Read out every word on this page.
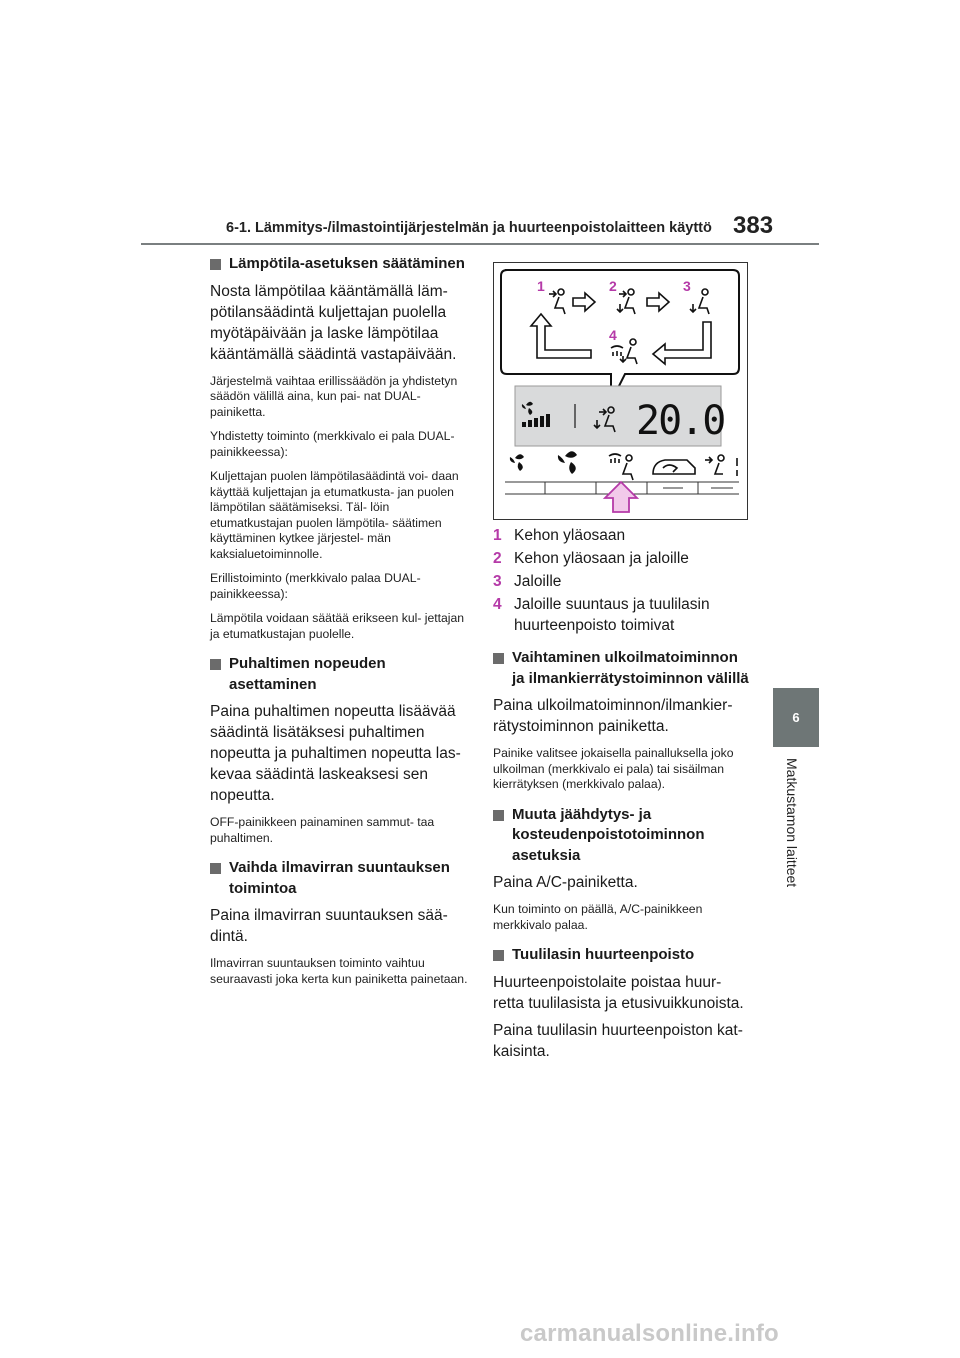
6-1. Lämmitys-/ilmastointijärjestelmän ja huurteenpoistolaitteen käyttö 383
6
Matkustamon laitteet
Lämpötila-asetuksen säätäminen

Nosta lämpötilaa kääntämällä läm- pötilansäädintä kuljettajan puolella myötäpäivään ja laske lämpötilaa kääntämällä säädintä vastapäivään.

Järjestelmä vaihtaa erillissäädön ja yhdistetyn säädön välillä aina, kun pai- nat DUAL-painiketta.

Yhdistetty toiminto (merkkivalo ei pala DUAL-painikkeessa):

Kuljettajan puolen lämpötilasäädintä voi- daan käyttää kuljettajan ja etumatkusta- jan puolen lämpötilan säätämiseksi. Täl- löin etumatkustajan puolen lämpötila- säätimen käyttäminen kytkee järjestel- män kaksialuetoiminnolle.

Erillistoiminto (merkkivalo palaa DUAL- painikkeessa):

Lämpötila voidaan säätää erikseen kul- jettajan ja etumatkustajan puolelle.

Puhaltimen nopeuden asettaminen

Paina puhaltimen nopeutta lisäävää säädintä lisätäksesi puhaltimen nopeutta ja puhaltimen nopeutta las- kevaa säädintä laskeaksesi sen nopeutta.

OFF-painikkeen painaminen sammut- taa puhaltimen.

Vaihda ilmavirran suuntauksen toimintoa

Paina ilmavirran suuntauksen sää- dintä.

Ilmavirran suuntauksen toiminto vaihtuu seuraavasti joka kerta kun painiketta painetaan.

1	2	3
4
20.0
1 Kehon yläosaan
2 Kehon yläosaan ja jaloille
3 Jaloille
4 Jaloille suuntaus ja tuulilasin huurteenpoisto toimivat
Vaihtaminen ulkoilmatoiminnon ja ilmankierrätystoiminnon välillä

Paina ulkoilmatoiminnon/ilmankier- rätystoiminnon painiketta.

Painike valitsee jokaisella painalluksella joko ulkoilman (merkkivalo ei pala) tai sisäilman kierrätyksen (merkkivalo palaa).

Muuta jäähdytys- ja kosteudenpoistotoiminnon asetuksia

Paina A/C-painiketta.

Kun toiminto on päällä, A/C-painikkeen merkkivalo palaa.

Tuulilasin huurteenpoisto

Huurteenpoistolaite poistaa huur- retta tuulilasista ja etusivuikkunoista.

Paina tuulilasin huurteenpoiston kat- kaisinta.

carmanualsonline.info
